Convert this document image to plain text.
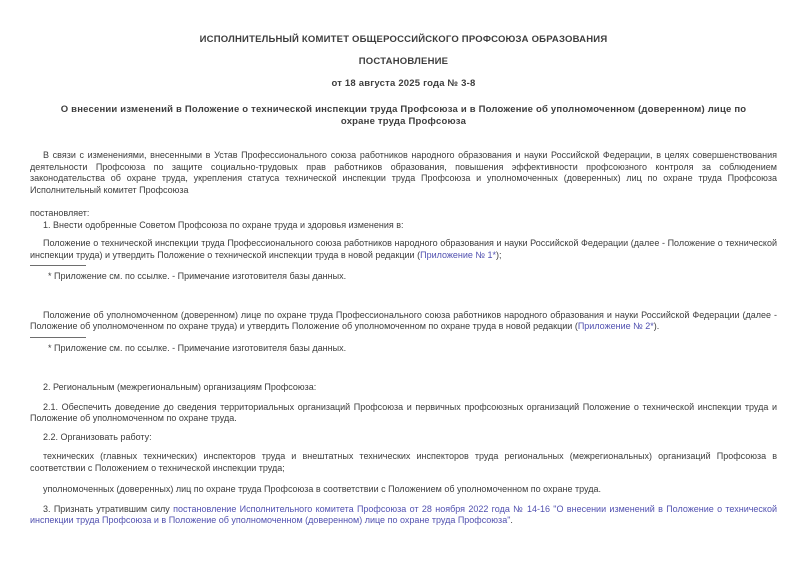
ИСПОЛНИТЕЛЬНЫЙ КОМИТЕТ ОБЩЕРОССИЙСКОГО ПРОФСОЮЗА ОБРАЗОВАНИЯ

ПОСТАНОВЛЕНИЕ

от 18 августа 2025 года № 3-8

О внесении изменений в Положение о технической инспекции труда Профсоюза и в Положение об уполномоченном (доверенном) лице по охране труда Профсоюза

В связи с изменениями, внесенными в Устав Профессионального союза работников народного образования и науки Российской Федерации, в целях совершенствования деятельности Профсоюза по защите социально-трудовых прав работников образования, повышения эффективности профсоюзного контроля за соблюдением законодательства об охране труда, укрепления статуса технической инспекции труда Профсоюза и уполномоченных (доверенных) лиц по охране труда Профсоюза Исполнительный комитет Профсоюза

постановляет:

1. Внести одобренные Советом Профсоюза по охране труда и здоровья изменения в:

Положение о технической инспекции труда Профессионального союза работников народного образования и науки Российской Федерации (далее - Положение о технической инспекции труда) и утвердить Положение о технической инспекции труда в новой редакции (Приложение № 1*);

* Приложение см. по ссылке. - Примечание изготовителя базы данных.

Положение об уполномоченном (доверенном) лице по охране труда Профессионального союза работников народного образования и науки Российской Федерации (далее - Положение об уполномоченном по охране труда) и утвердить Положение об уполномоченном по охране труда в новой редакции (Приложение № 2*).

* Приложение см. по ссылке. - Примечание изготовителя базы данных.

2. Региональным (межрегиональным) организациям Профсоюза:

2.1. Обеспечить доведение до сведения территориальных организаций Профсоюза и первичных профсоюзных организаций Положение о технической инспекции труда и Положение об уполномоченном по охране труда.

2.2. Организовать работу:

технических (главных технических) инспекторов труда и внештатных технических инспекторов труда региональных (межрегиональных) организаций Профсоюза в соответствии с Положением о технической инспекции труда;

уполномоченных (доверенных) лиц по охране труда Профсоюза в соответствии с Положением об уполномоченном по охране труда.

3. Признать утратившим силу постановление Исполнительного комитета Профсоюза от 28 ноября 2022 года № 14-16 "О внесении изменений в Положение о технической инспекции труда Профсоюза и в Положение об уполномоченном (доверенном) лице по охране труда Профсоюза".
